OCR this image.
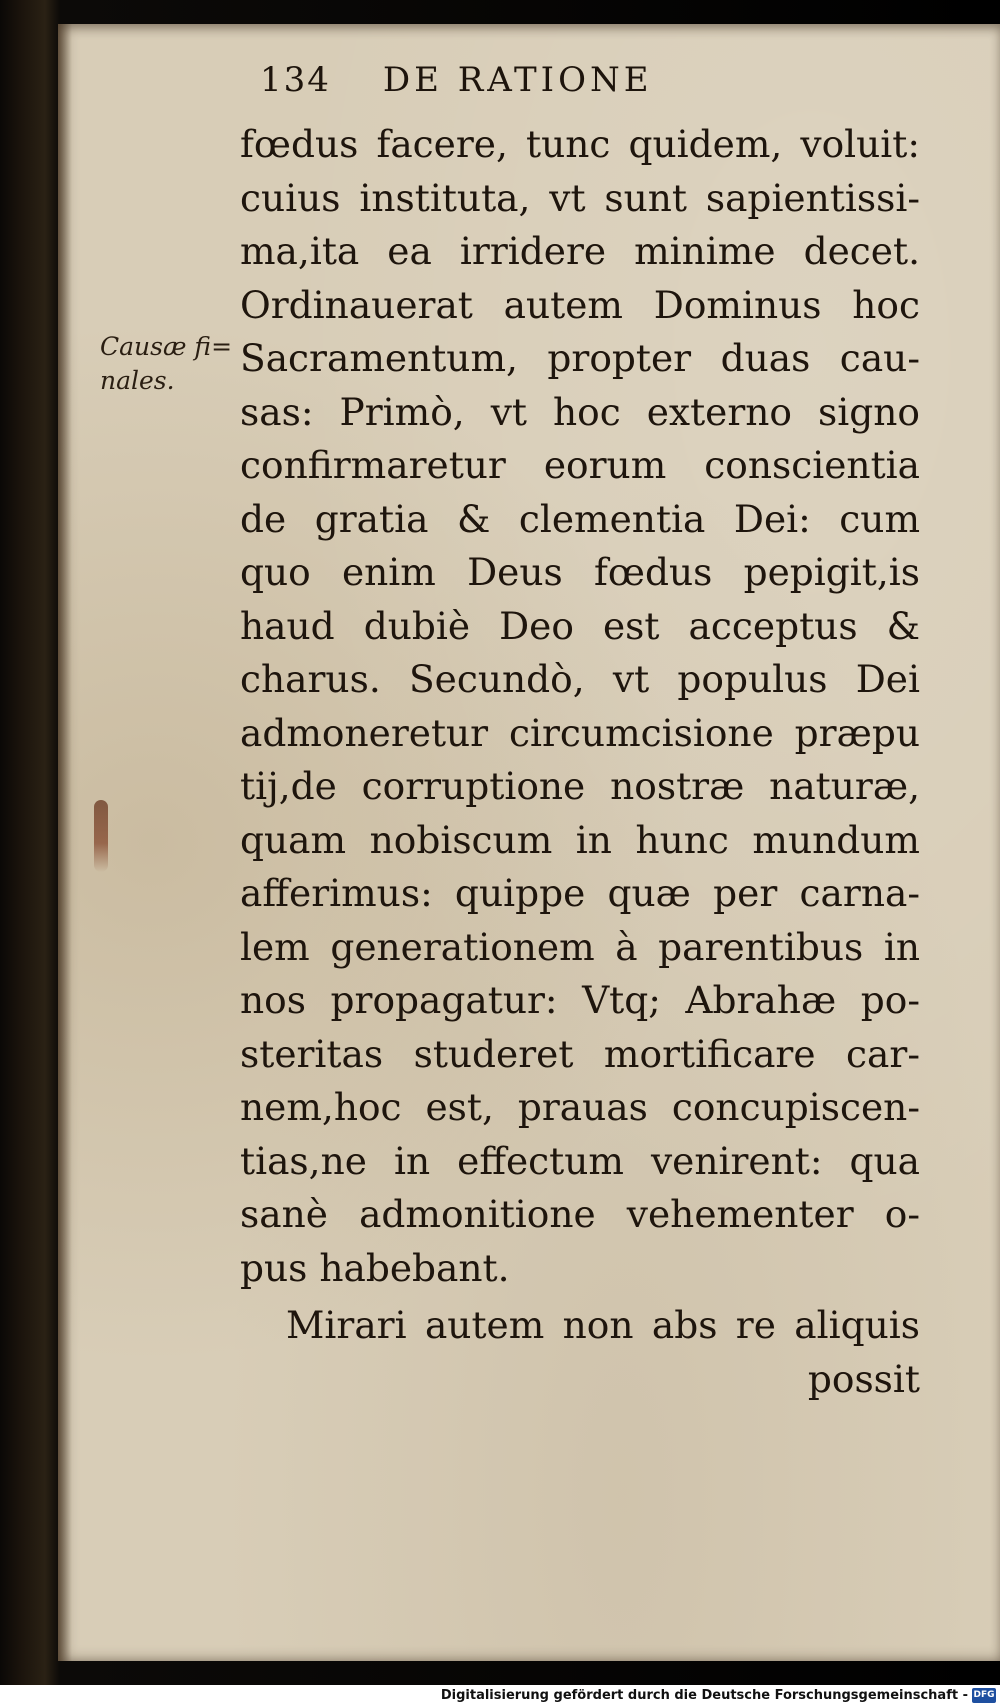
134 DE RATIONE
Causæ fi=
nales.
fœdus facere, tunc quidem, voluit:
cuius instituta, vt sunt sapientissi-
ma,ita ea irridere minime decet.
Ordinauerat autem Dominus hoc
Sacramentum, propter duas cau-
sas: Primò, vt hoc externo signo
confirmaretur eorum conscientia
de gratia & clementia Dei: cum
quo enim Deus fœdus pepigit,is
haud dubiè Deo est acceptus &
charus. Secundò, vt populus Dei
admoneretur circumcisione præpu
tij,de corruptione nostræ naturæ,
quam nobiscum in hunc mundum
afferimus: quippe quæ per carna-
lem generationem à parentibus in
nos propagatur: Vtq; Abrahæ po-
steritas studeret mortificare car-
nem,hoc est, prauas concupiscen-
tias,ne in effectum venirent: qua
sanè admonitione vehementer o-
pus habebant.
Mirari autem non abs re aliquis
possit
Digitalisierung gefördert durch die Deutsche Forschungsgemeinschaft - DFG
